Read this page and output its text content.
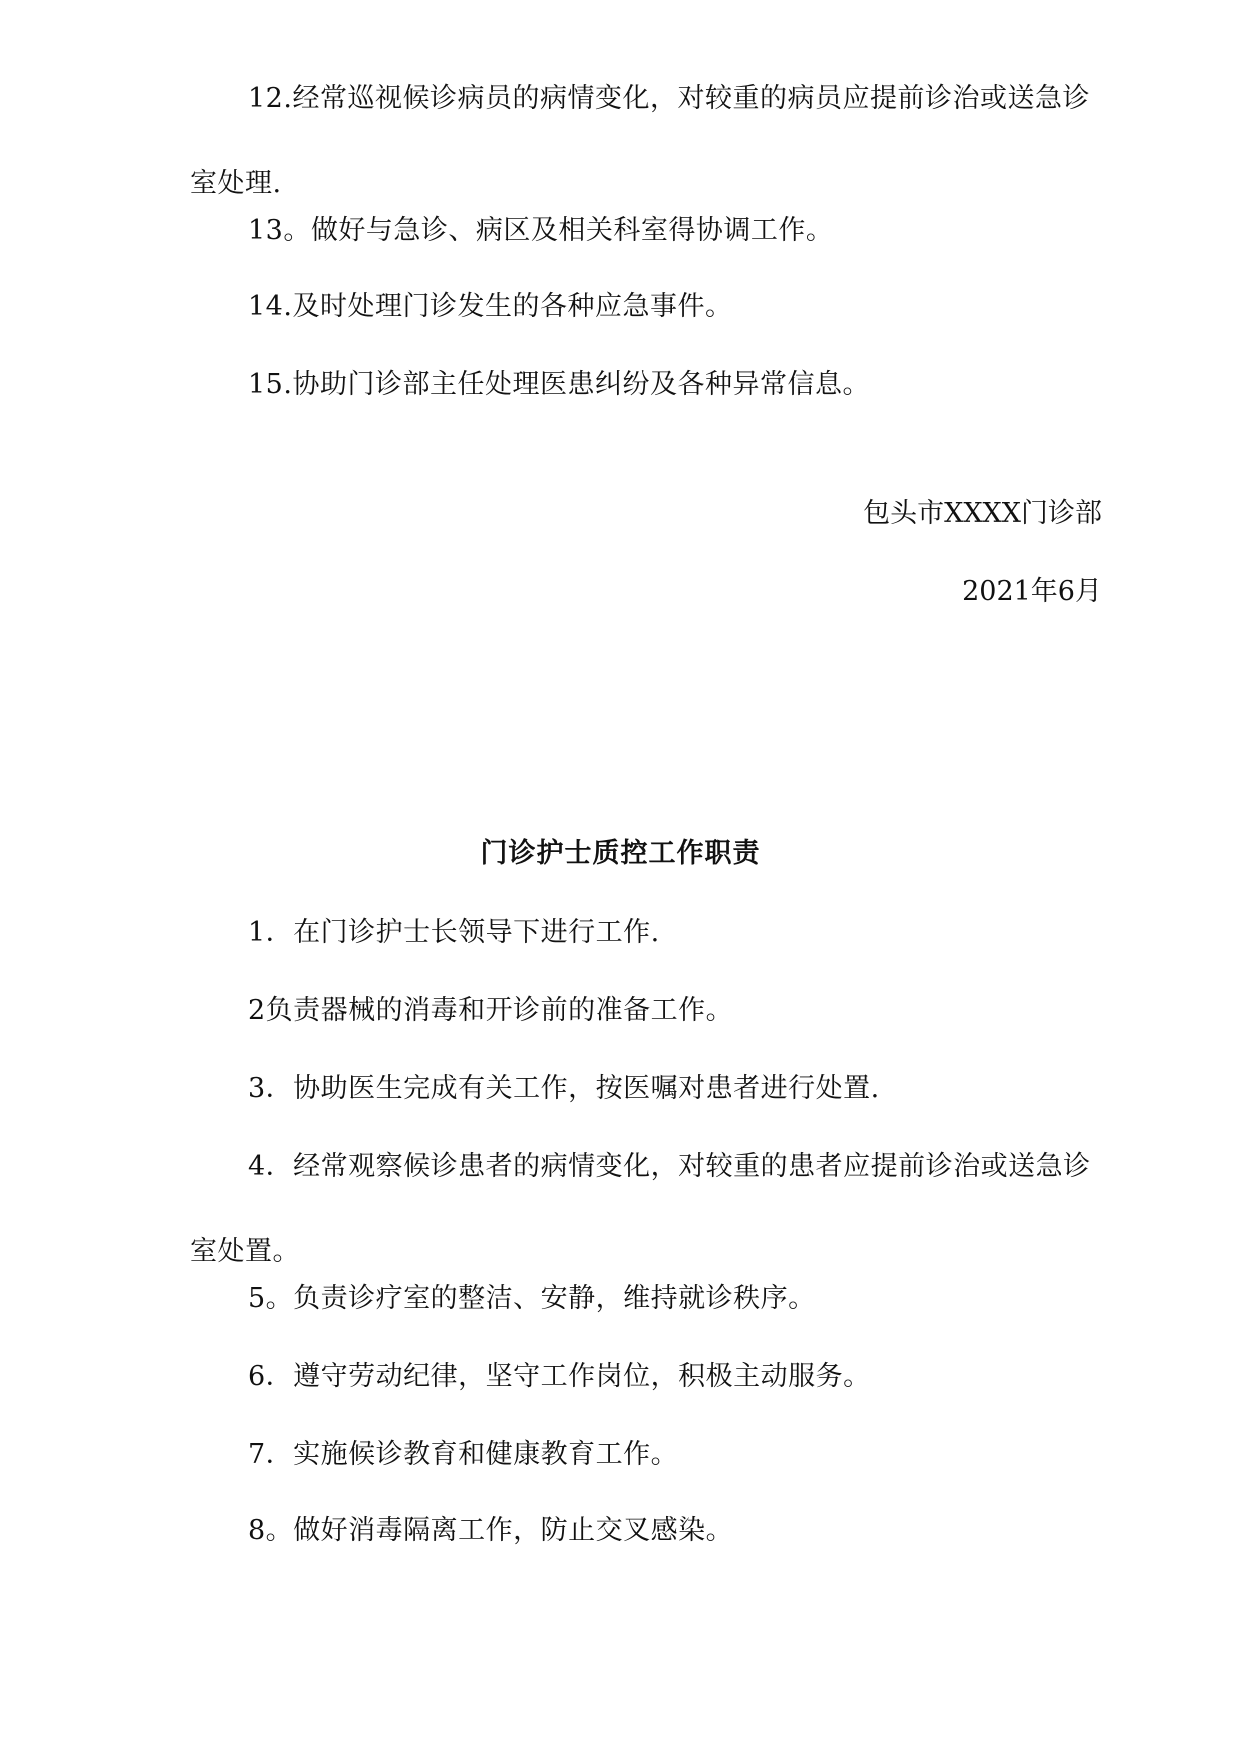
12.经常巡视候诊病员的病情变化，对较重的病员应提前诊治或送急诊室处理.
13。做好与急诊、病区及相关科室得协调工作。
14.及时处理门诊发生的各种应急事件。
15.协助门诊部主任处理医患纠纷及各种异常信息。
包头市XXXX门诊部
2021年6月
门诊护士质控工作职责
1．在门诊护士长领导下进行工作.
2负责器械的消毒和开诊前的准备工作。
3．协助医生完成有关工作，按医嘱对患者进行处置.
4．经常观察候诊患者的病情变化，对较重的患者应提前诊治或送急诊室处置。
5。负责诊疗室的整洁、安静，维持就诊秩序。
6．遵守劳动纪律，坚守工作岗位，积极主动服务。
7．实施候诊教育和健康教育工作。
8。做好消毒隔离工作，防止交叉感染。
